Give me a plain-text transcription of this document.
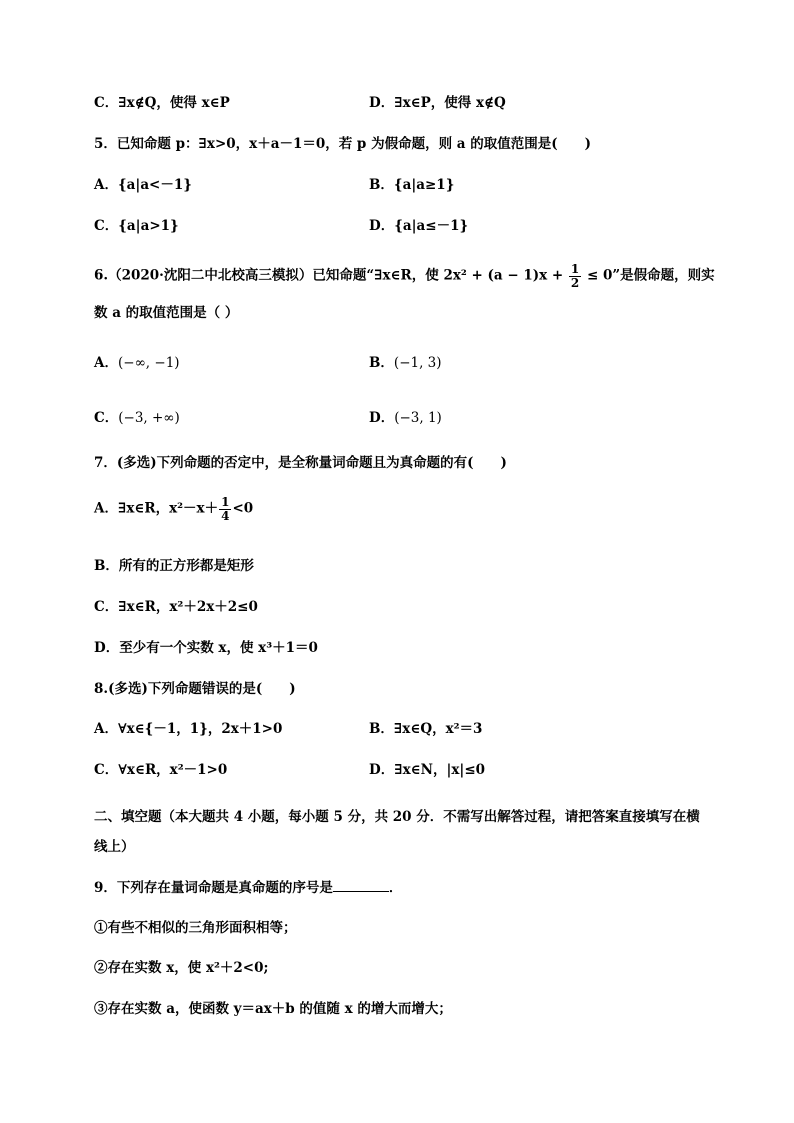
C．∃x∉Q，使得 x∈P	D．∃x∈P，使得 x∉Q
5．已知命题 p：∃x>0，x＋a－1＝0，若 p 为假命题，则 a 的取值范围是(　　)
A．{a|a<－1}	B．{a|a≥1}
C．{a|a>1}	D．{a|a≤－1}
6.（2020·沈阳二中北校高三模拟）已知命题“∃x∈R，使 $2x^2 + (a - 1)x + \frac{1}{2} \le 0$”是假命题，则实
数 a 的取值范围是（ ）
A．(−∞, −1)	B．(−1, 3)
C．(−3, +∞)	D．(−3, 1)
7．(多选)下列命题的否定中，是全称量词命题且为真命题的有(　　)
A．∃x∈R，$x^2-x+ \frac{1}{4} <0$
B．所有的正方形都是矩形
C．∃x∈R，x²＋2x＋2≤0
D．至少有一个实数 x，使 x³＋1＝0
8.(多选)下列命题错误的是(　　)
A．∀x∈{－1，1}，2x＋1>0	B．∃x∈Q，x²＝3
C．∀x∈R，x²－1>0	D．∃x∈N，|x|≤0
二、填空题（本大题共 4 小题，每小题 5 分，共 20 分．不需写出解答过程，请把答案直接填写在横
线上）
9．下列存在量词命题是真命题的序号是	．
①有些不相似的三角形面积相等；
②存在实数 x，使 x²＋2<0;
③存在实数 a，使函数 y＝ax＋b 的值随 x 的增大而增大；
